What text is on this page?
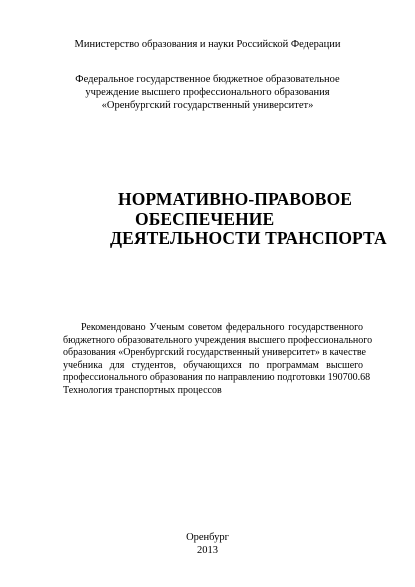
Министерство образования и науки Российской Федерации
Федеральное государственное бюджетное образовательное
учреждение высшего профессионального образования
«Оренбургский государственный университет»
НОРМАТИВНО-ПРАВОВОЕ
ОБЕСПЕЧЕНИЕ
ДЕЯТЕЛЬНОСТИ ТРАНСПОРТА
Рекомендовано Ученым советом федерального государственного
бюджетного образовательного учреждения высшего профессионального
образования «Оренбургский государственный университет» в качестве
учебника для студентов, обучающихся по программам высшего
профессионального образования по направлению подготовки 190700.68
Технология транспортных процессов
Оренбург
2013
